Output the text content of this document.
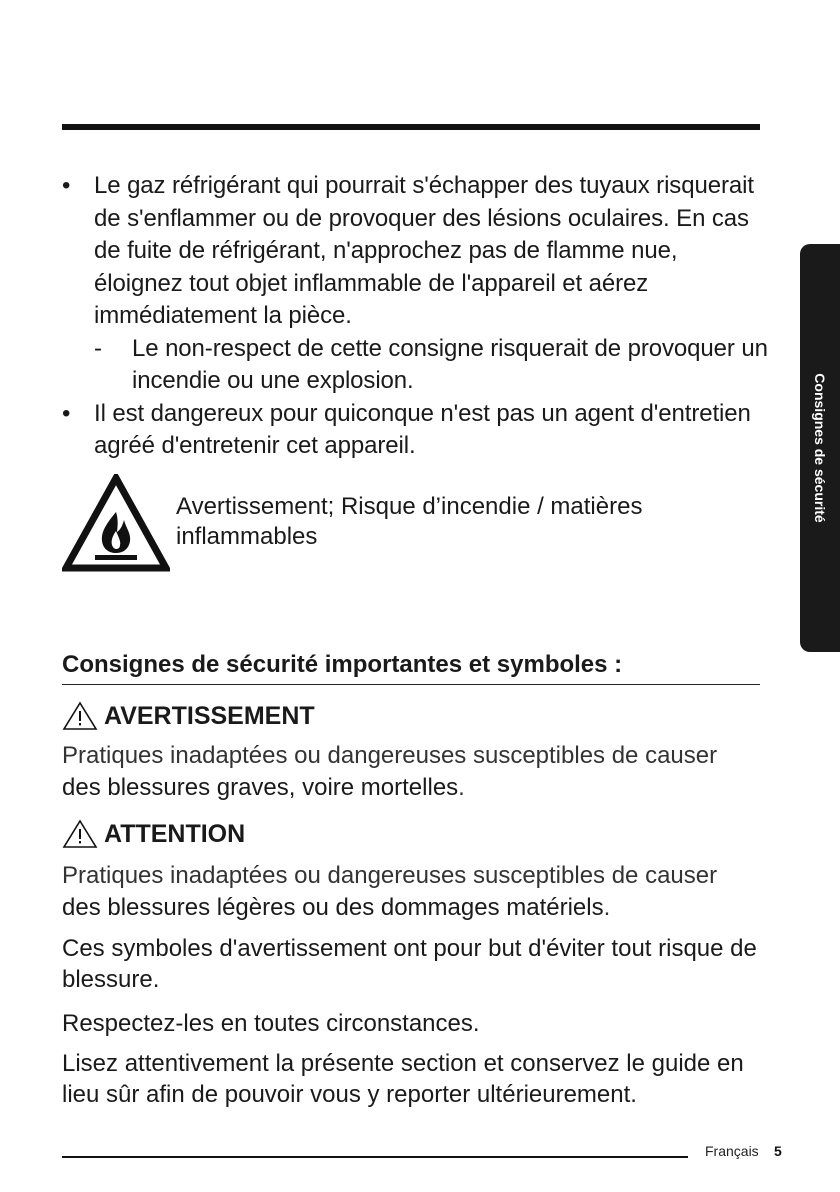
• Le gaz réfrigérant qui pourrait s'échapper des tuyaux risquerait de s'enflammer ou de provoquer des lésions oculaires. En cas de fuite de réfrigérant, n'approchez pas de flamme nue, éloignez tout objet inflammable de l'appareil et aérez immédiatement la pièce.
- Le non-respect de cette consigne risquerait de provoquer un incendie ou une explosion.
• Il est dangereux pour quiconque n'est pas un agent d'entretien agréé d'entretenir cet appareil.
Avertissement; Risque d’incendie / matières inflammables
Consignes de sécurité importantes et symboles :
AVERTISSEMENT
Pratiques inadaptées ou dangereuses susceptibles de causer
des blessures graves, voire mortelles.
ATTENTION
Pratiques inadaptées ou dangereuses susceptibles de causer
des blessures légères ou des dommages matériels.
Ces symboles d'avertissement ont pour but d'éviter tout risque de blessure.
Respectez-les en toutes circonstances.
Lisez attentivement la présente section et conservez le guide en lieu sûr afin de pouvoir vous y reporter ultérieurement.
Consignes de sécurité
Français 5
